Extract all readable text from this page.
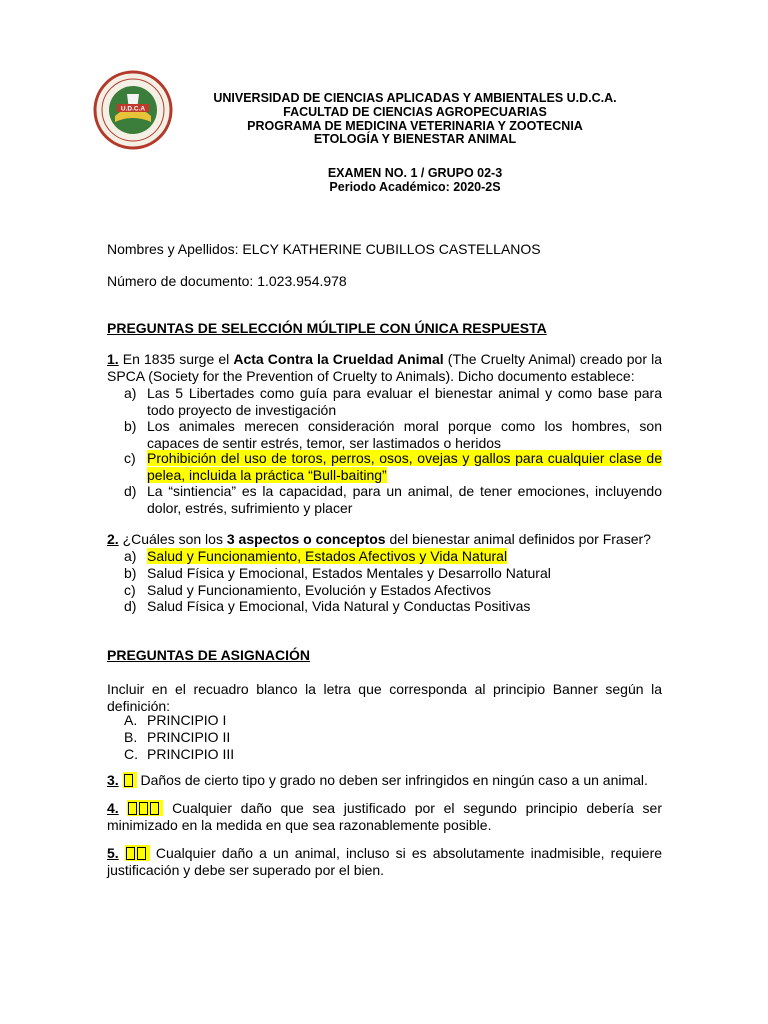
U.D.C.A
UNIVERSIDAD DE CIENCIAS APLICADAS Y AMBIENTALES U.D.C.A.
FACULTAD DE CIENCIAS AGROPECUARIAS
PROGRAMA DE MEDICINA VETERINARIA Y ZOOTECNIA
ETOLOGÍA Y BIENESTAR ANIMAL
EXAMEN NO. 1 / GRUPO 02-3
Periodo Académico: 2020-2S
Nombres y Apellidos: ELCY KATHERINE CUBILLOS CASTELLANOS
Número de documento: 1.023.954.978
PREGUNTAS DE SELECCIÓN MÚLTIPLE CON ÚNICA RESPUESTA
1. En 1835 surge el Acta Contra la Crueldad Animal (The Cruelty Animal) creado por la SPCA (Society for the Prevention of Cruelty to Animals). Dicho documento establece:
a) Las 5 Libertades como guía para evaluar el bienestar animal y como base para todo proyecto de investigación
b) Los animales merecen consideración moral porque como los hombres, son capaces de sentir estrés, temor, ser lastimados o heridos
c) Prohibición del uso de toros, perros, osos, ovejas y gallos para cualquier clase de pelea, incluida la práctica “Bull-baiting”
d) La “sintiencia” es la capacidad, para un animal, de tener emociones, incluyendo dolor, estrés, sufrimiento y placer
2. ¿Cuáles son los 3 aspectos o conceptos del bienestar animal definidos por Fraser?
a) Salud y Funcionamiento, Estados Afectivos y Vida Natural
b) Salud Física y Emocional, Estados Mentales y Desarrollo Natural
c) Salud y Funcionamiento, Evolución y Estados Afectivos
d) Salud Física y Emocional, Vida Natural y Conductas Positivas
PREGUNTAS DE ASIGNACIÓN
Incluir en el recuadro blanco la letra que corresponda al principio Banner según la definición:
A. PRINCIPIO I
B. PRINCIPIO II
C. PRINCIPIO III
3. Daños de cierto tipo y grado no deben ser infringidos en ningún caso a un animal.
4.	Cualquier daño que sea justificado por el segundo principio debería ser minimizado en la medida en que sea razonablemente posible.
5.	Cualquier daño a un animal, incluso si es absolutamente inadmisible, requiere justificación y debe ser superado por el bien.
